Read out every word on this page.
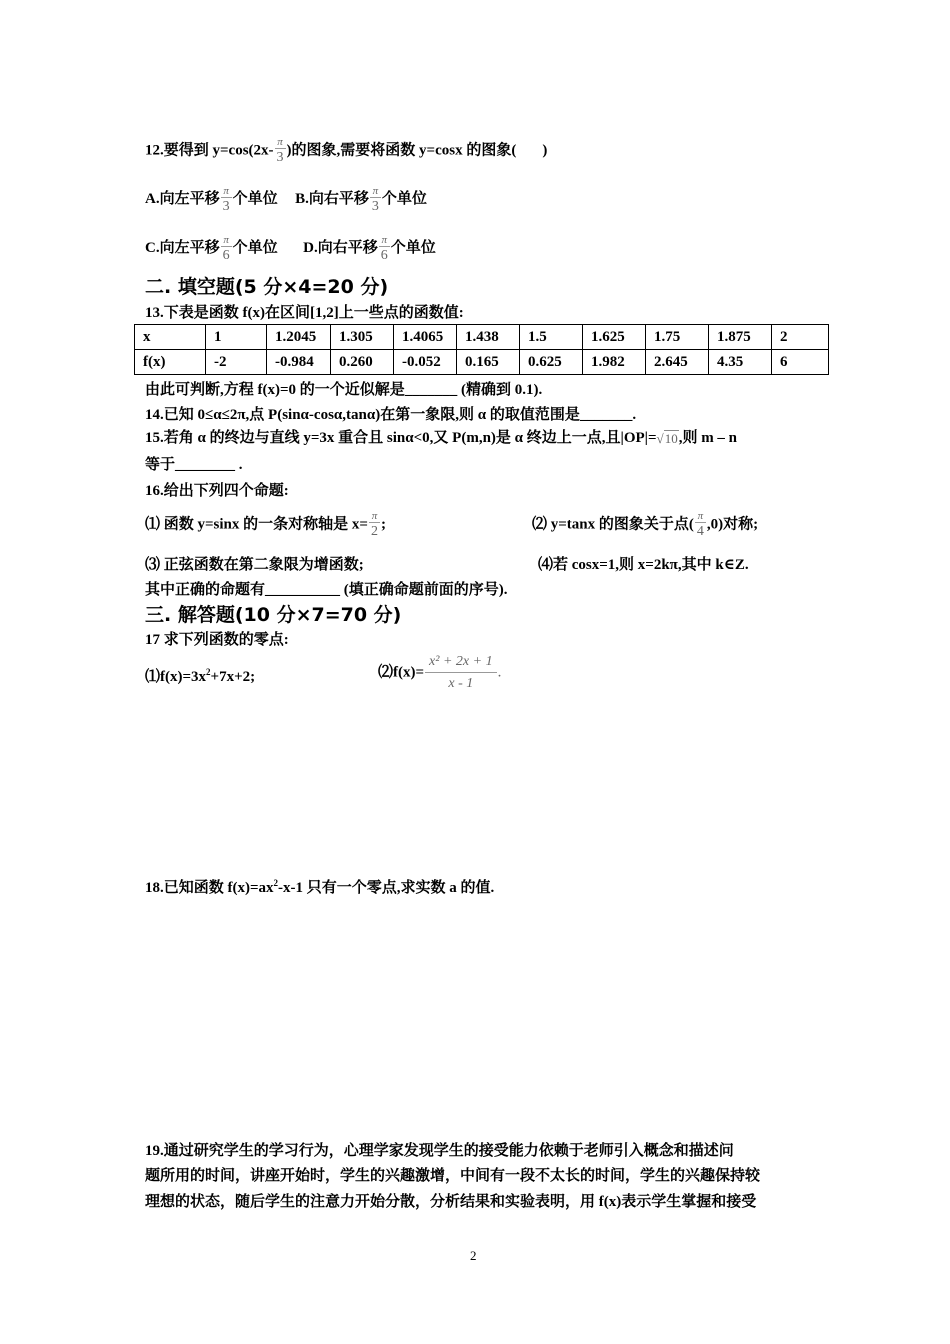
12.要得到 $y=\cos(2x- \frac{\pi}{3}$ )的图象,需要将函数 y=cosx 的图象( )
A.向左平移 $\frac{\pi}{3}$ 个单位 B.向右平移 $\frac{\pi}{3}$ 个单位
C.向左平移 $\frac{\pi}{6}$ 个单位 D.向右平移 $\frac{\pi}{6}$ 个单位
二. 填空题(5 分×4=20 分)
13.下表是函数 f(x)在区间[1,2]上一些点的函数值:
x	1	1.2045	1.305	1.4065	1.438	1.5	1.625	1.75	1.875	2
f(x)	-2	-0.984	0.260	-0.052	0.165	0.625	1.982	2.645	4.35	6
由此可判断,方程 f(x)=0 的一个近似解是_______ (精确到 0.1).
14.已知 0≤α≤2π,点 P(sinα-cosα,tanα)在第一象限,则 α 的取值范围是_______.
15.若角 α 的终边与直线 y=3x 重合且 sinα<0,又 P(m,n)是 α 终边上一点,且|OP|=√10,则 m – n
等于________ .
16.给出下列四个命题:
⑴ 函数 y=sinx 的一条对称轴是 $x= \frac{\pi}{2}$ ;	⑵ y=tanx 的图象关于点( $\frac{\pi}{4} ,0$)对称;
⑶ 正弦函数在第二象限为增函数;	⑷若 cosx=1,则 x=2kπ,其中 k∈Z.
其中正确的命题有__________ (填正确命题前面的序号).
三. 解答题(10 分×7=70 分)
17 求下列函数的零点:
$⑴f(x)=3x^2+7x+2$;	⑵f(x)= $\frac{\text{x² + 2x + 1}}{x - 1}$ .
18.已知函数 $f(x)=ax^2-x-1$ 只有一个零点,求实数 a 的值.
19.通过研究学生的学习行为，心理学家发现学生的接受能力依赖于老师引入概念和描述问
题所用的时间，讲座开始时，学生的兴趣激增，中间有一段不太长的时间，学生的兴趣保持较
理想的状态，随后学生的注意力开始分散，分析结果和实验表明，用 f(x)表示学生掌握和接受
2
